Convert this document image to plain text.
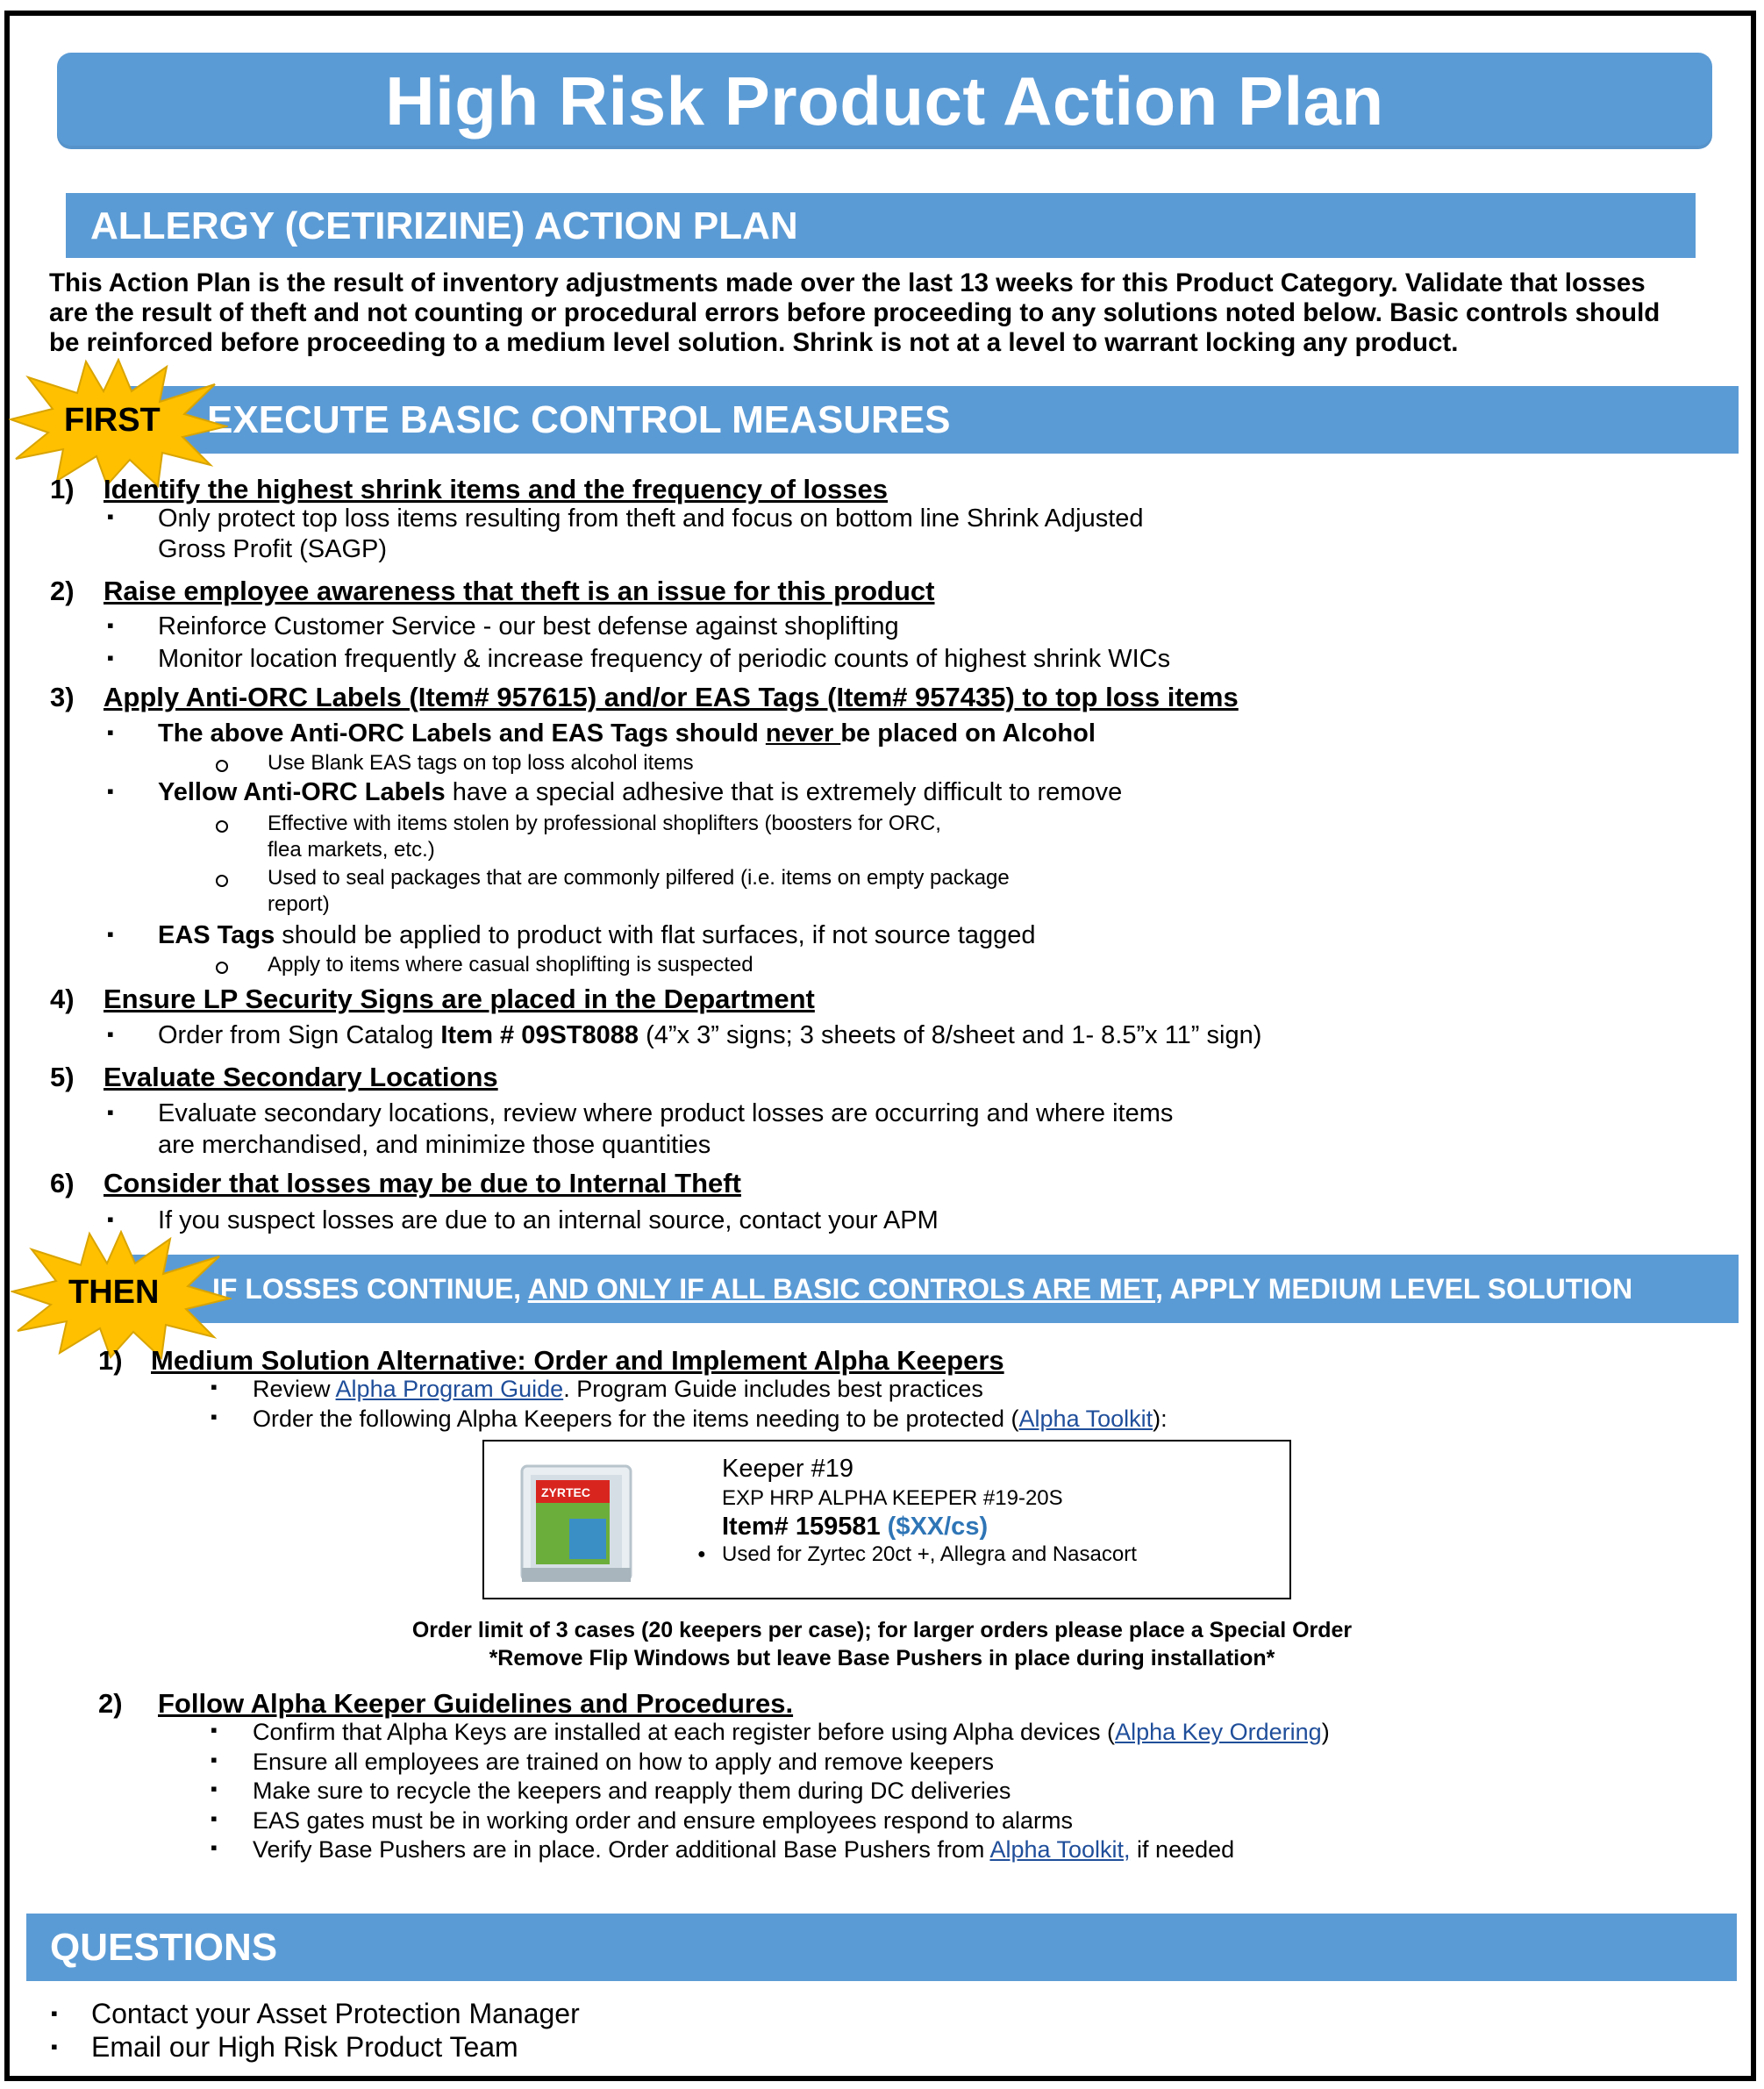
High Risk Product Action Plan
ALLERGY (CETIRIZINE) ACTION PLAN
This Action Plan is the result of inventory adjustments made over the last 13 weeks for this Product Category. Validate that losses
are the result of theft and not counting or procedural errors before proceeding to any solutions noted below. Basic controls should
be reinforced before proceeding to a medium level solution. Shrink is not at a level to warrant locking any product.
EXECUTE BASIC CONTROL MEASURES
FIRST
1) Identify the highest shrink items and the frequency of losses
▪ Only protect top loss items resulting from theft and focus on bottom line Shrink Adjusted
Gross Profit (SAGP)
2) Raise employee awareness that theft is an issue for this product
▪ Reinforce Customer Service - our best defense against shoplifting
▪ Monitor location frequently & increase frequency of periodic counts of highest shrink WICs
3) Apply Anti-ORC Labels (Item# 957615) and/or EAS Tags (Item# 957435) to top loss items
▪ The above Anti-ORC Labels and EAS Tags should never be placed on Alcohol
Use Blank EAS tags on top loss alcohol items
▪ Yellow Anti-ORC Labels have a special adhesive that is extremely difficult to remove
Effective with items stolen by professional shoplifters (boosters for ORC,
flea markets, etc.)
Used to seal packages that are commonly pilfered (i.e. items on empty package
report)
▪ EAS Tags should be applied to product with flat surfaces, if not source tagged
Apply to items where casual shoplifting is suspected
4) Ensure LP Security Signs are placed in the Department
▪ Order from Sign Catalog Item # 09ST8088 (4”x 3” signs; 3 sheets of 8/sheet and 1- 8.5”x 11” sign)
5) Evaluate Secondary Locations
▪ Evaluate secondary locations, review where product losses are occurring and where items
are merchandised, and minimize those quantities
6) Consider that losses may be due to Internal Theft
▪ If you suspect losses are due to an internal source, contact your APM
IF LOSSES CONTINUE, AND ONLY IF ALL BASIC CONTROLS ARE MET, APPLY MEDIUM LEVEL SOLUTION
THEN
1) Medium Solution Alternative: Order and Implement Alpha Keepers
▪ Review Alpha Program Guide. Program Guide includes best practices
▪ Order the following Alpha Keepers for the items needing to be protected (Alpha Toolkit):
ZYRTEC
Keeper #19
EXP HRP ALPHA KEEPER #19-20S
Item# 159581 ($XX/cs)
● Used for Zyrtec 20ct +, Allegra and Nasacort
Order limit of 3 cases (20 keepers per case); for larger orders please place a Special Order
*Remove Flip Windows but leave Base Pushers in place during installation*
2) Follow Alpha Keeper Guidelines and Procedures.
▪ Confirm that Alpha Keys are installed at each register before using Alpha devices (Alpha Key Ordering)
▪ Ensure all employees are trained on how to apply and remove keepers
▪ Make sure to recycle the keepers and reapply them during DC deliveries
▪ EAS gates must be in working order and ensure employees respond to alarms
▪ Verify Base Pushers are in place. Order additional Base Pushers from Alpha Toolkit, if needed
QUESTIONS
▪ Contact your Asset Protection Manager
▪ Email our High Risk Product Team
